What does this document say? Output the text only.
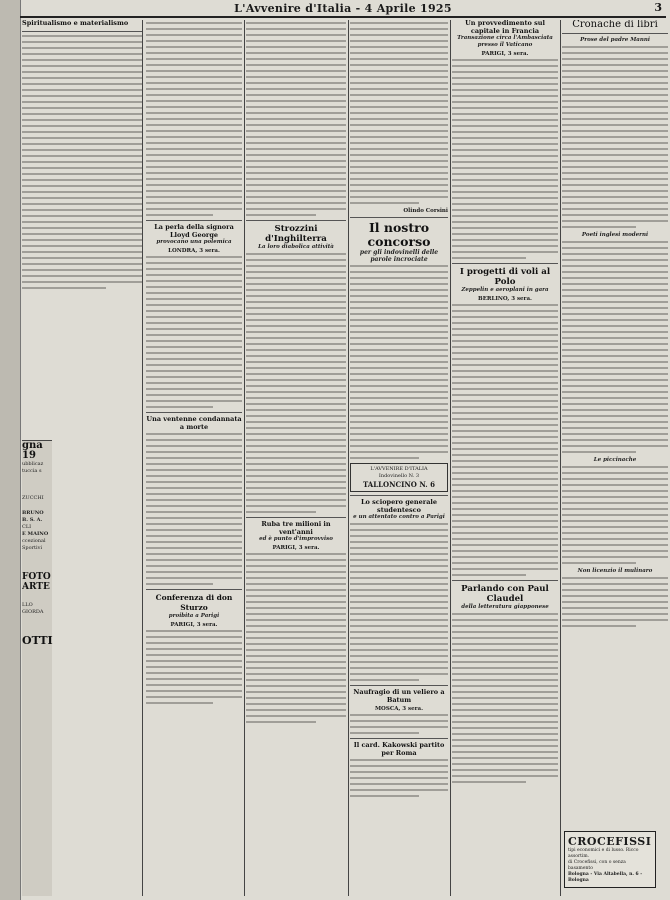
L'Avvenire d'Italia - 4 Aprile 1925	3
Spiritualismo e materialismo
gna 19
ubblicaz
tuccia s
ZUCCHI
BRUNO
B. S. A.
CLI
E MAINO
ccezional
Sportivi
FOTO
ARTE
LLO GIORDA
OTTI
La perla della signora Lloyd George
provocano una polemica
LONDRA, 3 sera.
Una ventenne condannata a morte
Conferenza di don Sturzo
proibita a Parigi
PARIGI, 3 sera.
Strozzini d'Inghilterra
La loro diabolica attività
Ruba tre milioni in vent'anni
ed è punto d'improvviso
PARIGI, 3 sera.
Olindo Corsini
Il nostro concorso
per gli indovinelli delle parole incrociate
L'AVVENIRE D'ITALIA
Indovinello N. 3
TALLONCINO N. 6
Lo sciopero generale studentesco
e un attentato contro a Parigi
Naufragio di un veliero a Batum
MOSCA, 3 sera.
Il card. Kakowski partito per Roma
Un provvedimento sul capitale in Francia
Transazione circa l'Ambasciata presso il Vaticano
PARIGI, 3 sera.
I progetti di voli al Polo
Zeppelin e aeroplani in gara
BERLINO, 3 sera.
Parlando con Paul Claudel
della letteratura giapponese
Cronache di libri
Prose del padre Manni
Poeti inglesi moderni
Le piccinache
Non licenzio il mulinaro
CROCEFISSI
tipi economici e di lusso. Ricco assortim.
di Crocefissi, con o senza basamento
Bologna - Via Altabella, n. 6 - Bologna
